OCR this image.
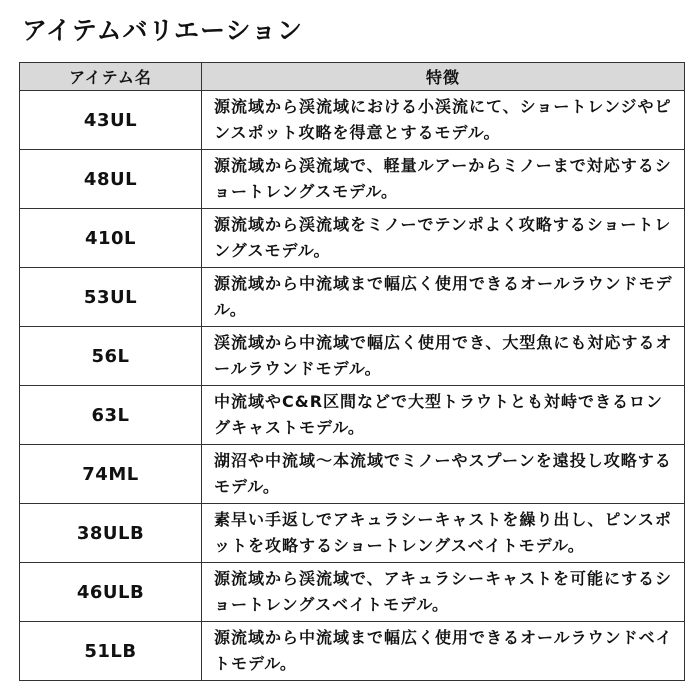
アイテムバリエーション
アイテム名	特徴
43UL	源流域から渓流域における小渓流にて、ショートレンジやピンスポット攻略を得意とするモデル。
48UL	源流域から渓流域で、軽量ルアーからミノーまで対応するショートレングスモデル。
410L	源流域から渓流域をミノーでテンポよく攻略するショートレングスモデル。
53UL	源流域から中流域まで幅広く使用できるオールラウンドモデル。
56L	渓流域から中流域で幅広く使用でき、大型魚にも対応するオールラウンドモデル。
63L	中流域やC&R区間などで大型トラウトとも対峙できるロングキャストモデル。
74ML	湖沼や中流域～本流域でミノーやスプーンを遠投し攻略するモデル。
38ULB	素早い手返しでアキュラシーキャストを繰り出し、ピンスポットを攻略するショートレングスベイトモデル。
46ULB	源流域から渓流域で、アキュラシーキャストを可能にするショートレングスベイトモデル。
51LB	源流域から中流域まで幅広く使用できるオールラウンドベイトモデル。
